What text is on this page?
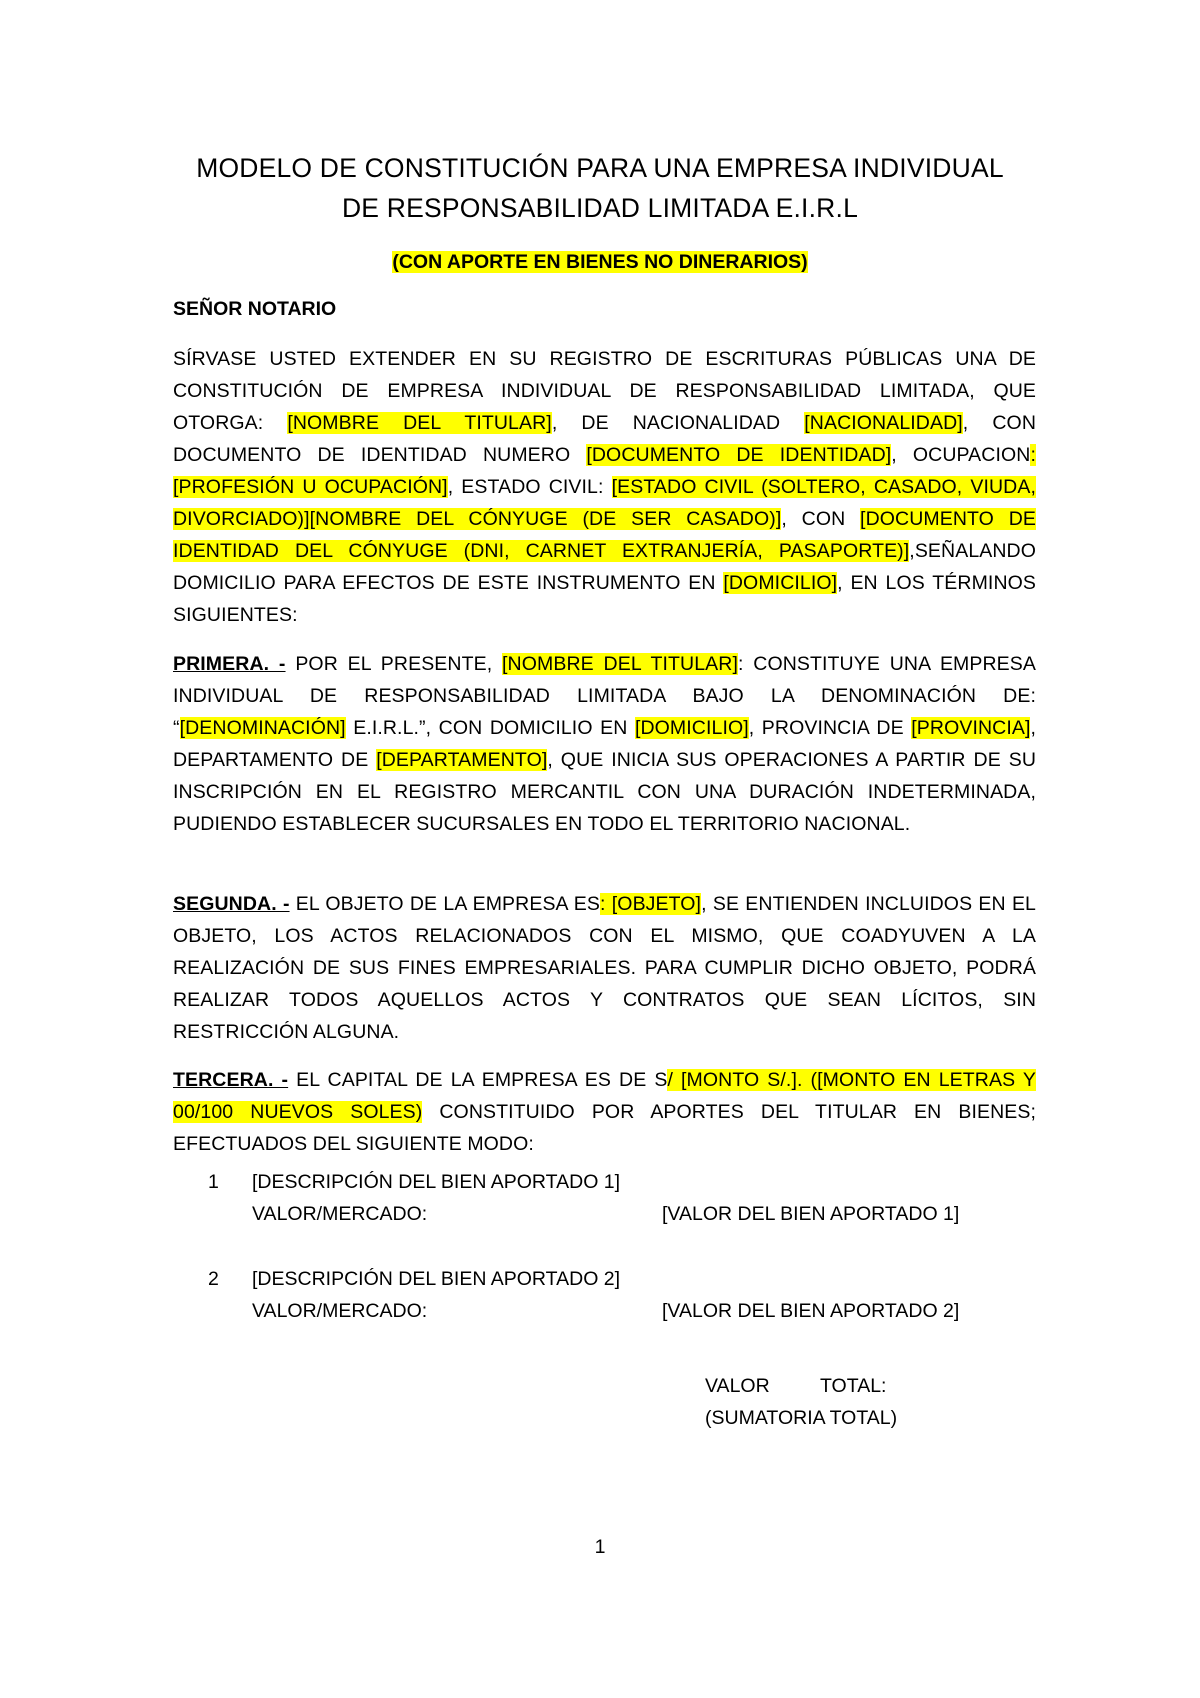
MODELO DE CONSTITUCIÓN PARA UNA EMPRESA INDIVIDUAL
DE RESPONSABILIDAD LIMITADA E.I.R.L
(CON APORTE EN BIENES NO DINERARIOS)
SEÑOR NOTARIO
SÍRVASE USTED EXTENDER EN SU REGISTRO DE ESCRITURAS PÚBLICAS UNA DE CONSTITUCIÓN DE EMPRESA INDIVIDUAL DE RESPONSABILIDAD LIMITADA, QUE OTORGA: [NOMBRE DEL TITULAR], DE NACIONALIDAD [NACIONALIDAD], CON DOCUMENTO DE IDENTIDAD NUMERO [DOCUMENTO DE IDENTIDAD], OCUPACION: [PROFESIÓN U OCUPACIÓN], ESTADO CIVIL: [ESTADO CIVIL (SOLTERO, CASADO, VIUDA, DIVORCIADO)][NOMBRE DEL CÓNYUGE (DE SER CASADO)], CON [DOCUMENTO DE IDENTIDAD DEL CÓNYUGE (DNI, CARNET EXTRANJERÍA, PASAPORTE)],SEÑALANDO DOMICILIO PARA EFECTOS DE ESTE INSTRUMENTO EN [DOMICILIO], EN LOS TÉRMINOS SIGUIENTES:
PRIMERA. - POR EL PRESENTE, [NOMBRE DEL TITULAR]: CONSTITUYE UNA EMPRESA INDIVIDUAL DE RESPONSABILIDAD LIMITADA BAJO LA DENOMINACIÓN DE: “[DENOMINACIÓN] E.I.R.L.”, CON DOMICILIO EN [DOMICILIO], PROVINCIA DE [PROVINCIA], DEPARTAMENTO DE [DEPARTAMENTO], QUE INICIA SUS OPERACIONES A PARTIR DE SU INSCRIPCIÓN EN EL REGISTRO MERCANTIL CON UNA DURACIÓN INDETERMINADA, PUDIENDO ESTABLECER SUCURSALES EN TODO EL TERRITORIO NACIONAL.
SEGUNDA. - EL OBJETO DE LA EMPRESA ES: [OBJETO], SE ENTIENDEN INCLUIDOS EN EL OBJETO, LOS ACTOS RELACIONADOS CON EL MISMO, QUE COADYUVEN A LA REALIZACIÓN DE SUS FINES EMPRESARIALES. PARA CUMPLIR DICHO OBJETO, PODRÁ REALIZAR TODOS AQUELLOS ACTOS Y CONTRATOS QUE SEAN LÍCITOS, SIN RESTRICCIÓN ALGUNA.
TERCERA. - EL CAPITAL DE LA EMPRESA ES DE S/ [MONTO S/.]. ([MONTO EN LETRAS Y 00/100 NUEVOS SOLES) CONSTITUIDO POR APORTES DEL TITULAR EN BIENES; EFECTUADOS DEL SIGUIENTE MODO:
1 [DESCRIPCIÓN DEL BIEN APORTADO 1]
VALOR/MERCADO:	[VALOR DEL BIEN APORTADO 1]
2 [DESCRIPCIÓN DEL BIEN APORTADO 2]
VALOR/MERCADO:	[VALOR DEL BIEN APORTADO 2]
VALOR	TOTAL:
(SUMATORIA TOTAL)
1
